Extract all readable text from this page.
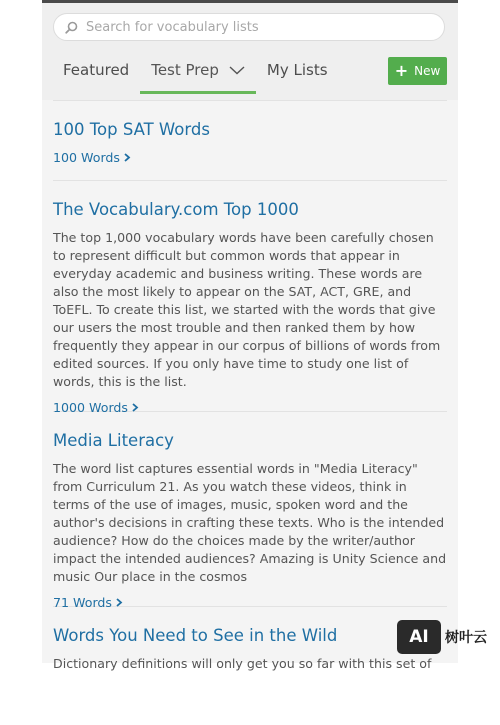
Search for vocabulary lists
Featured Test Prep	My Lists	+ New
100 Top SAT Words
100 Words
The Vocabulary.com Top 1000

The top 1,000 vocabulary words have been carefully chosen to represent difficult but common words that appear in everyday academic and business writing. These words are also the most likely to appear on the SAT, ACT, GRE, and ToEFL. To create this list, we started with the words that give our users the most trouble and then ranked them by how frequently they appear in our corpus of billions of words from edited sources. If you only have time to study one list of words, this is the list.

1000 Words
Media Literacy

The word list captures essential words in "Media Literacy" from Curriculum 21. As you watch these videos, think in terms of the use of images, music, spoken word and the author's decisions in crafting these texts. Who is the intended audience? How do the choices made by the writer/author impact the intended audiences? Amazing is Unity Science and music Our place in the cosmos

71 Words
Words You Need to See in the Wild

Dictionary definitions will only get you so far with this set of

AI	树叶云
